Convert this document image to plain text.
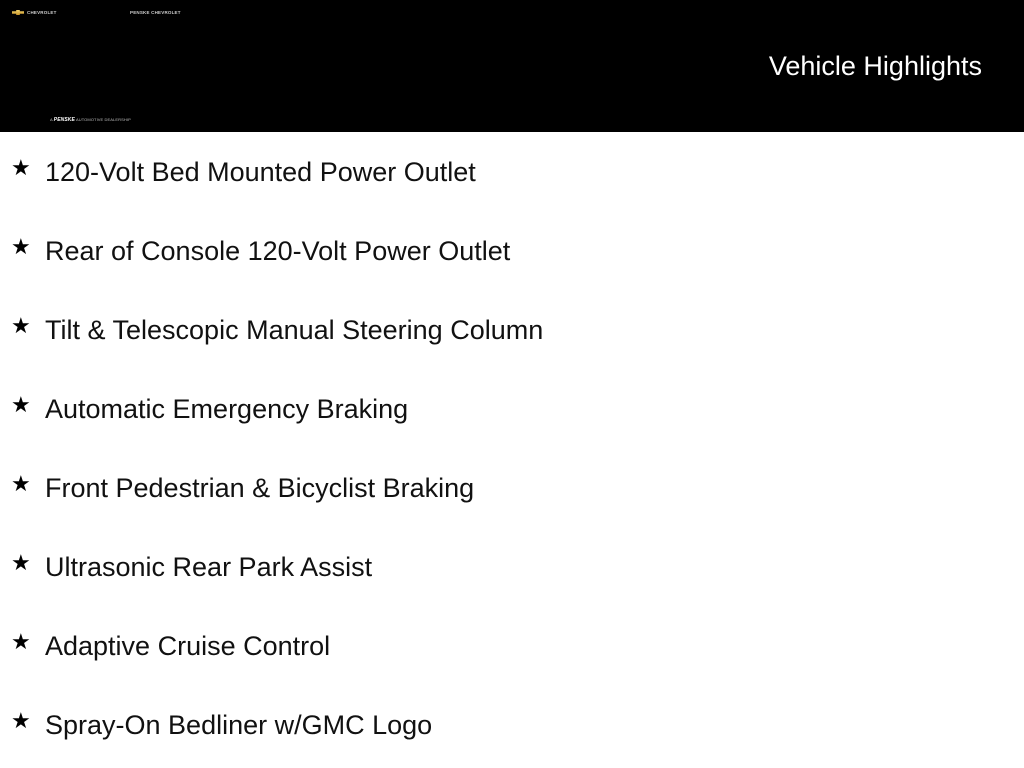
CHEVROLET	PENSKE CHEVROLET
A PENSKE AUTOMOTIVE DEALERSHIP
Vehicle Highlights
★ 120-Volt Bed Mounted Power Outlet
★ Rear of Console 120-Volt Power Outlet
★ Tilt & Telescopic Manual Steering Column
★ Automatic Emergency Braking
★ Front Pedestrian & Bicyclist Braking
★ Ultrasonic Rear Park Assist
★ Adaptive Cruise Control
★ Spray-On Bedliner w/GMC Logo
